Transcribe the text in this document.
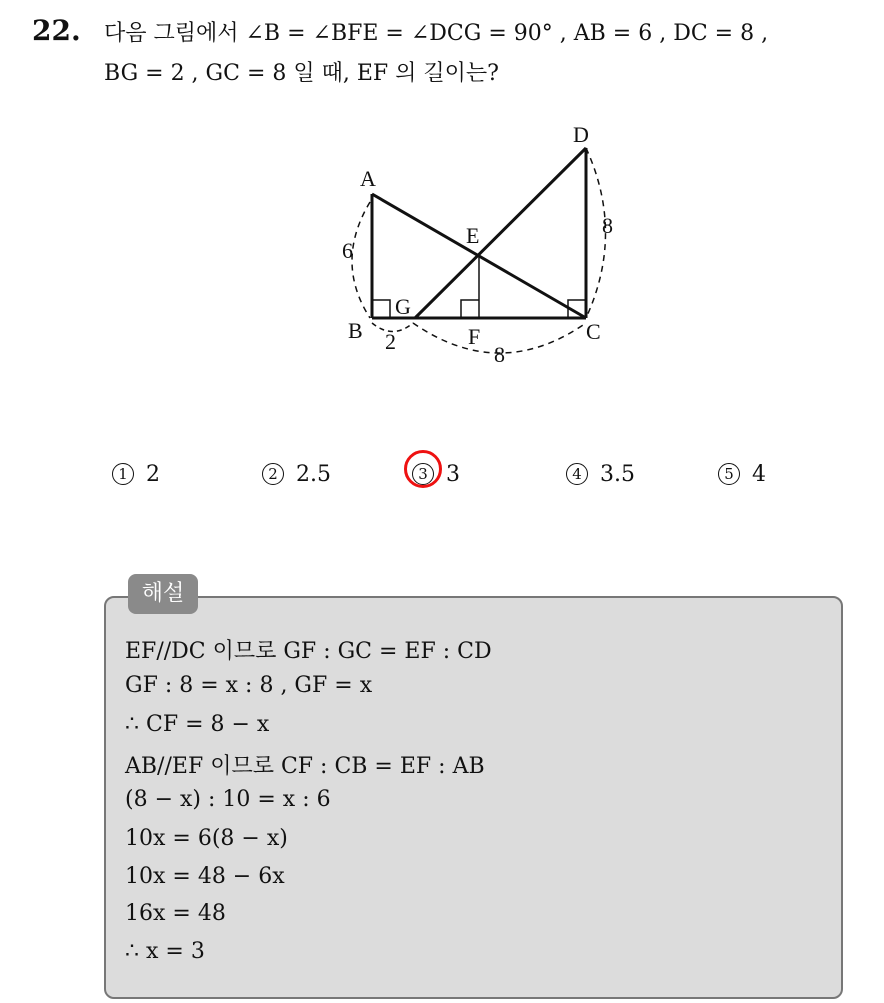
22. 다음 그림에서 ∠B = ∠BFE = ∠DCG = 90° , AB = 6 , DC = 8 ,
BG = 2 , GC = 8 일 때, EF 의 길이는?
A
B	C
D
E
F
G
6
8
2
8
1 2	2 2.5	3 3	4 3.5	5 4
해설
EF//DC 이므로 GF : GC = EF : CD
GF : 8 = x : 8 , GF = x
∴ CF = 8 − x
AB//EF 이므로 CF : CB = EF : AB
(8 − x) : 10 = x : 6
10x = 6(8 − x)
10x = 48 − 6x
16x = 48
∴ x = 3
